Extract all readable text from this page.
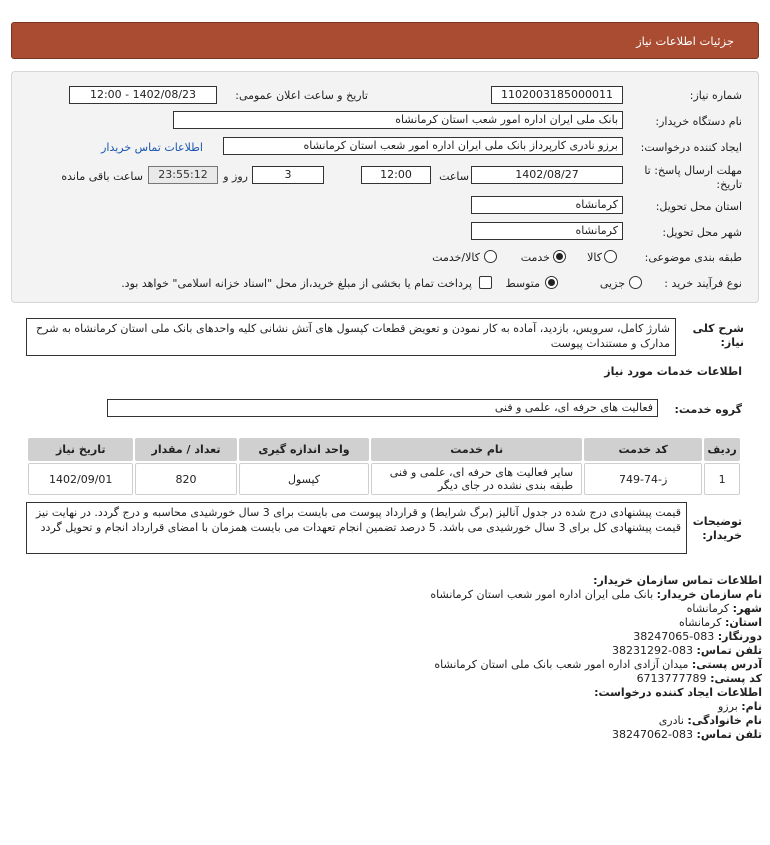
جزئیات اطلاعات نیاز
شماره نیاز:
1102003185000011
تاریخ و ساعت اعلان عمومی:
1402/08/23 - 12:00
نام دستگاه خریدار:
بانک ملی ایران اداره امور شعب استان کرمانشاه
ایجاد کننده درخواست:
برزو نادری کارپرداز بانک ملی ایران اداره امور شعب استان کرمانشاه
اطلاعات تماس خریدار
مهلت ارسال پاسخ: تا
تاریخ:
1402/08/27
ساعت
12:00
3
روز و
23:55:12
ساعت باقی مانده
استان محل تحویل:
کرمانشاه
شهر محل تحویل:
کرمانشاه
طبقه بندی موضوعی:
کالا
خدمت
کالا/خدمت
نوع فرآیند خرید :
جزیی
متوسط
پرداخت تمام یا بخشی از مبلغ خرید،از محل "اسناد خزانه اسلامی" خواهد بود.
شرح کلی
نیاز:
شارژ کامل، سرویس، بازدید، آماده به کار نمودن و تعویض قطعات کپسول های آتش نشانی کلیه واحدهای بانک ملی استان کرمانشاه به شرح مدارک و مستندات پیوست
اطلاعات خدمات مورد نیاز
گروه خدمت:
فعالیت های حرفه ای، علمی و فنی
ردیف	کد خدمت	نام خدمت	واحد اندازه گیری	تعداد / مقدار	تاریخ نیاز
1	ز-74-749	سایر فعالیت های حرفه ای، علمی و فنی طبقه بندی نشده در جای دیگر	کپسول	820	1402/09/01
توضیحات
خریدار:
قیمت پیشنهادی درج شده در جدول آنالیز (برگ شرایط) و قرارداد پیوست می بایست برای 3 سال خورشیدی محاسبه و درج گردد. در نهایت نیز قیمت پیشنهادی کل برای 3 سال خورشیدی می باشد. 5 درصد تضمین انجام تعهدات می بایست همزمان با امضای قرارداد انجام و تحویل گردد
اطلاعات تماس سازمان خریدار:
نام سازمان خریدار: بانک ملی ایران اداره امور شعب استان کرمانشاه
شهر: کرمانشاه
استان: کرمانشاه
دورنگار: 083-38247065
تلفن تماس: 083-38231292
آدرس پستی: میدان آزادی اداره امور شعب بانک ملی استان کرمانشاه
کد پستی: 6713777789
اطلاعات ایجاد کننده درخواست:
نام: برزو
نام خانوادگی: نادری
تلفن تماس: 083-38247062
